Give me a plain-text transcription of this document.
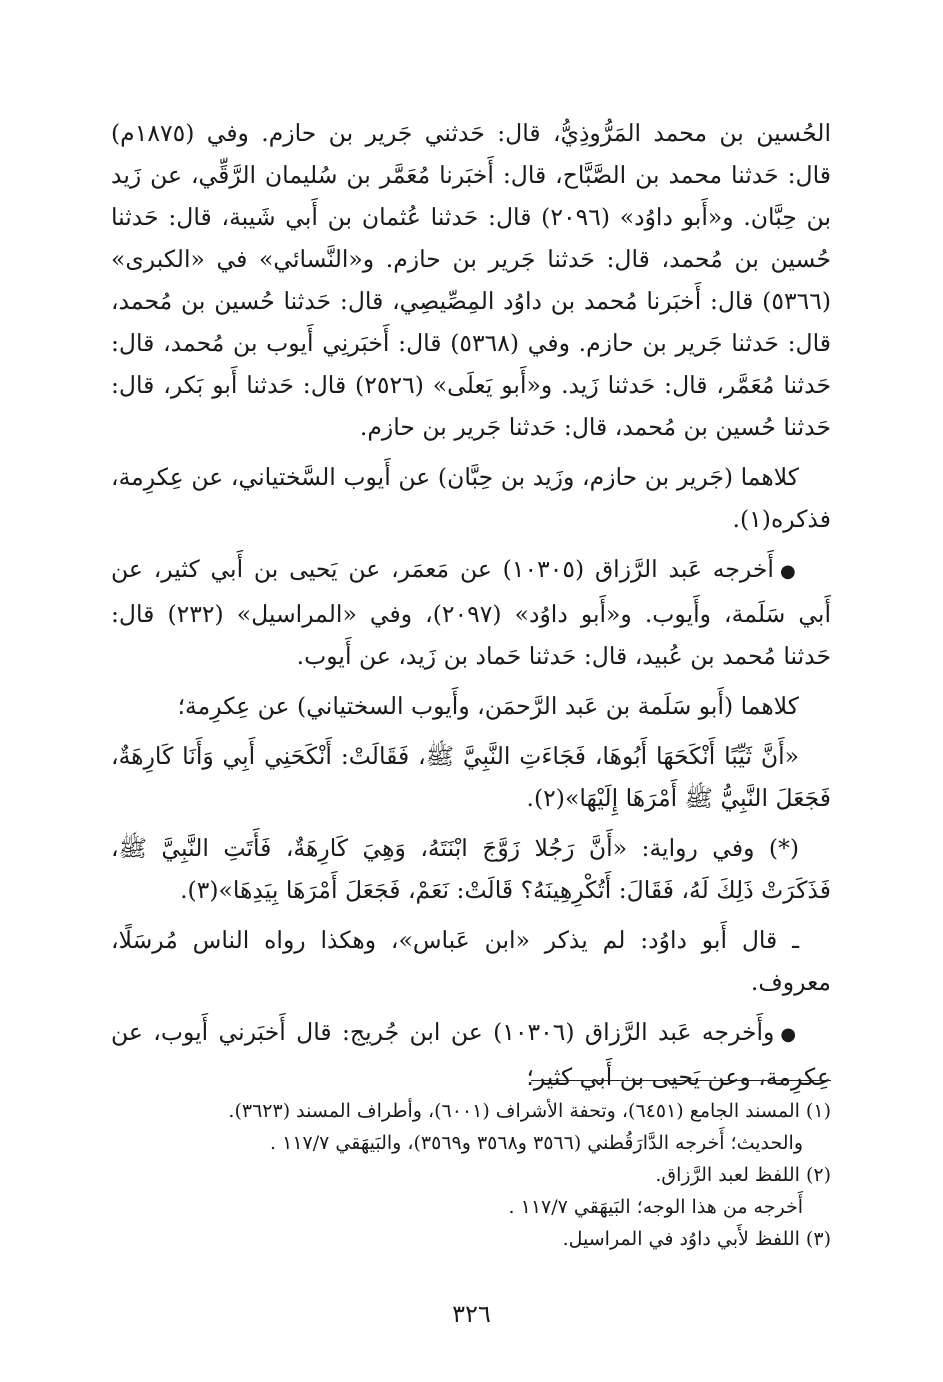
الحُسين بن محمد المَرُّوذِيُّ، قال: حَدثني جَرير بن حازم. وفي (١٨٧٥م) قال: حَدثنا محمد بن الصَّبَّاح، قال: أَخبَرنا مُعَمَّر بن سُليمان الرَّقِّي، عن زَيد بن حِبَّان. و«أَبو داوُد» (٢٠٩٦) قال: حَدثنا عُثمان بن أَبي شَيبة، قال: حَدثنا حُسين بن مُحمد، قال: حَدثنا جَرير بن حازم. و«النَّسائي» في «الكبرى» (٥٣٦٦) قال: أَخبَرنا مُحمد بن داوُد المِصِّيصِي، قال: حَدثنا حُسين بن مُحمد، قال: حَدثنا جَرير بن حازم. وفي (٥٣٦٨) قال: أَخبَرنِي أَيوب بن مُحمد، قال: حَدثنا مُعَمَّر، قال: حَدثنا زَيد. و«أَبو يَعلَى» (٢٥٢٦) قال: حَدثنا أَبو بَكر، قال: حَدثنا حُسين بن مُحمد، قال: حَدثنا جَرير بن حازم.

كلاهما (جَرير بن حازم، وزَيد بن حِبَّان) عن أَيوب السَّختياني، عن عِكرِمة، فذكره(١).

●أَخرجه عَبد الرَّزاق (١٠٣٠٥) عن مَعمَر، عن يَحيى بن أَبي كثير، عن أَبي سَلَمة، وأَيوب. و«أَبو داوُد» (٢٠٩٧)، وفي «المراسيل» (٢٣٢) قال: حَدثنا مُحمد بن عُبيد، قال: حَدثنا حَماد بن زَيد، عن أَيوب.

كلاهما (أَبو سَلَمة بن عَبد الرَّحمَن، وأَيوب السختياني) عن عِكرِمة؛

«أَنَّ ثَيِّبًا أَنْكَحَهَا أَبُوهَا، فَجَاءَتِ النَّبِيَّ ﷺ، فَقَالَتْ: أَنْكَحَنِي أَبِي وَأَنَا كَارِهَةٌ، فَجَعَلَ النَّبِيُّ ﷺ أَمْرَهَا إِلَيْهَا»(٢).

(*) وفي رواية: «أَنَّ رَجُلا زَوَّجَ ابْنَتَهُ، وَهِيَ كَارِهَةٌ، فَأَتَتِ النَّبِيَّ ﷺ، فَذَكَرَتْ ذَلِكَ لَهُ، فَقَالَ: أَتُكْرِهِينَهُ؟ قَالَتْ: نَعَمْ، فَجَعَلَ أَمْرَهَا بِيَدِهَا»(٣).

ـ قال أَبو داوُد: لم يذكر «ابن عَباس»، وهكذا رواه الناس مُرسَلًا، معروف.

●وأَخرجه عَبد الرَّزاق (١٠٣٠٦) عن ابن جُريج: قال أَخبَرني أَيوب، عن عِكرِمة، وعن يَحيى بن أَبي كثير؛

(١) المسند الجامع (٦٤٥١)، وتحفة الأشراف (٦٠٠١)، وأطراف المسند (٣٦٢٣).

والحديث؛ أَخرجه الدَّارَقُطني (٣٥٦٦ و٣٥٦٨ و٣٥٦٩)، والبَيهَقي ١١٧/٧ .

(٢) اللفظ لعبد الرَّزاق.

أَخرجه من هذا الوجه؛ البَيهَقي ١١٧/٧ .

(٣) اللفظ لأَبي داوُد في المراسيل.

٣٢٦
